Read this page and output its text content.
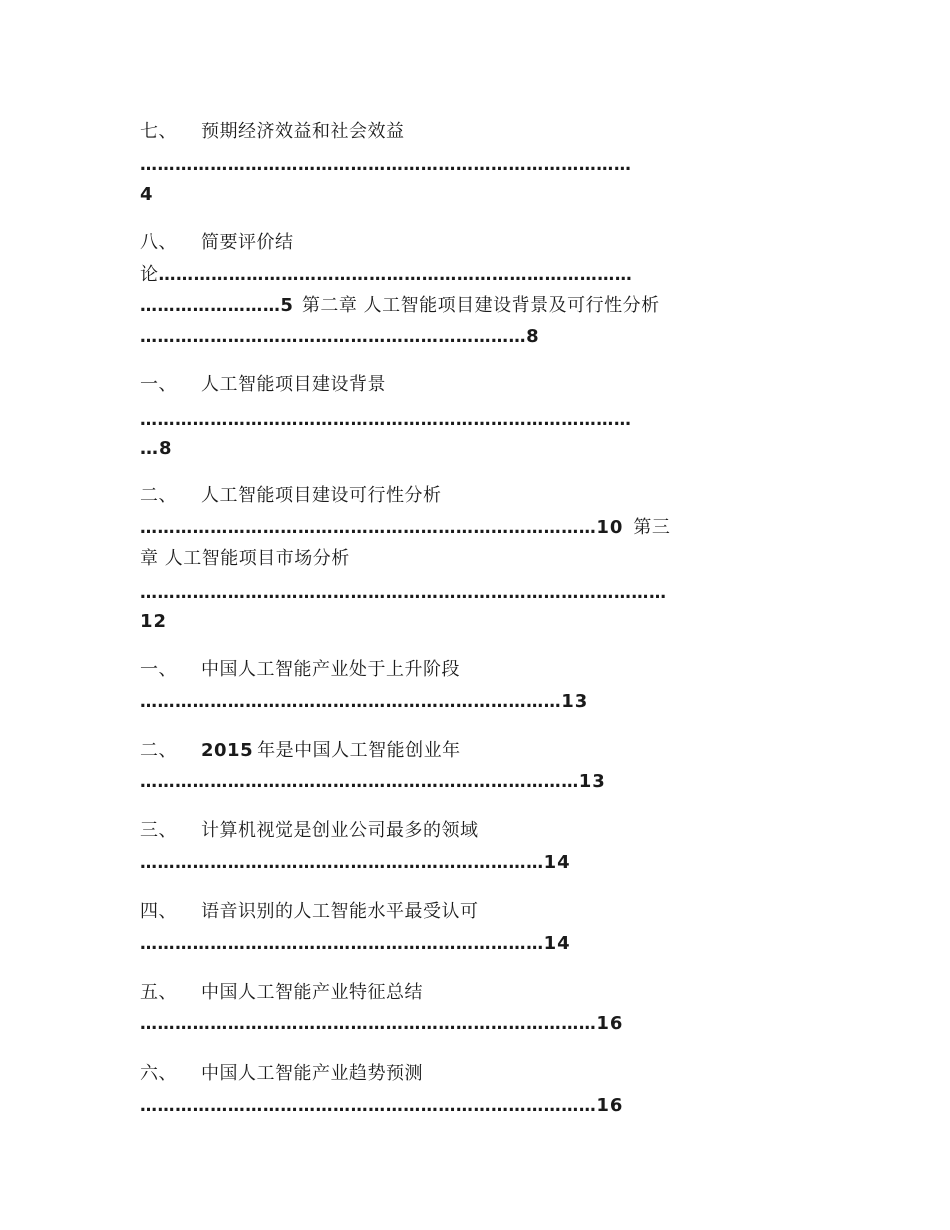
七、 预期经济效益和社会效益
…………………………………………………………………………
4
八、 简要评价结
论………………………………………………………………………
……………………5 第二章 人工智能项目建设背景及可行性分析
…………………………………………………………8
一、 人工智能项目建设背景
…………………………………………………………………………
…8
二、 人工智能项目建设可行性分析
……………………………………………………………………10 第三
章 人工智能项目市场分析
………………………………………………………………………………
12
一、 中国人工智能产业处于上升阶段
………………………………………………………………13
二、 2015 年是中国人工智能创业年
…………………………………………………………………13
三、 计算机视觉是创业公司最多的领域
……………………………………………………………14
四、 语音识别的人工智能水平最受认可
……………………………………………………………14
五、 中国人工智能产业特征总结
……………………………………………………………………16
六、 中国人工智能产业趋势预测
……………………………………………………………………16
